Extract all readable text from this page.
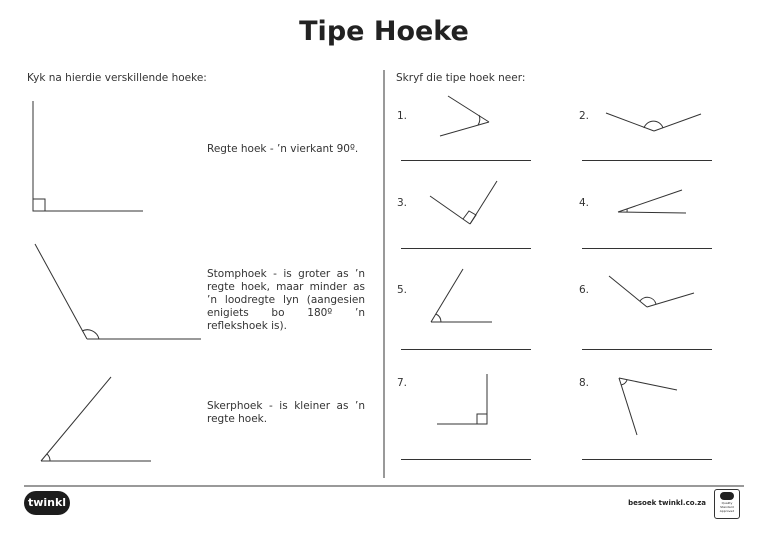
Tipe Hoeke
Kyk na hierdie verskillende hoeke:
Regte hoek - ’n vierkant 90º.
Stomphoek - is groter as ’n regte hoek, maar minder as ’n loodregte lyn (aangesien enigiets bo 180º ’n reflekshoek is).
Skerphoek - is kleiner as ’n regte hoek.
Skryf die tipe hoek neer:
1.	2.
3.	4.
5.	6.
7.	8.
twinkl	besoek twinkl.co.za	Quality Standard Approved
